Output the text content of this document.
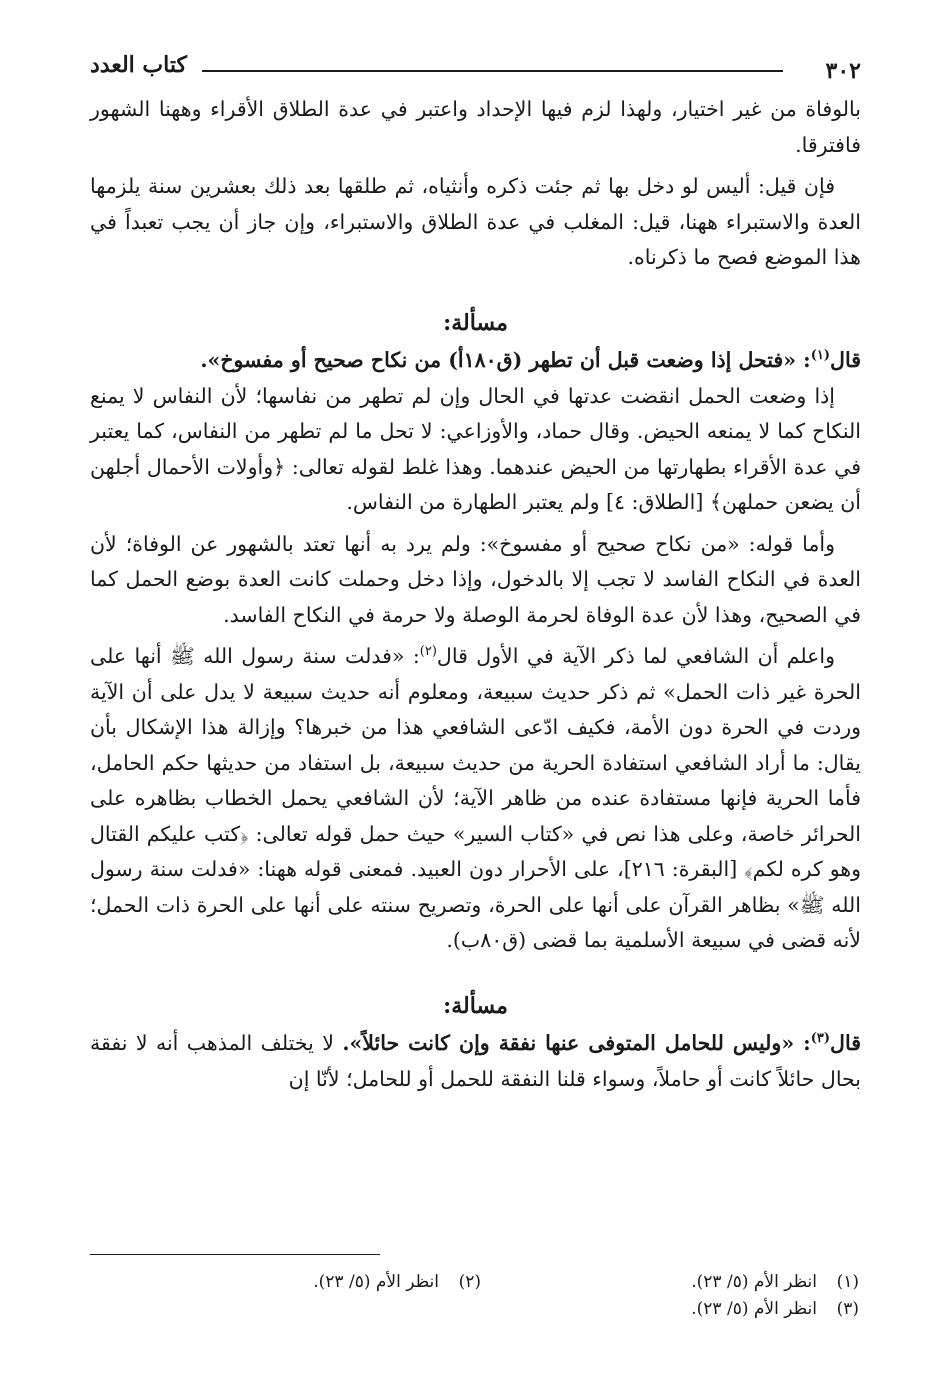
٣٠٢
كتاب العدد

بالوفاة من غير اختيار، ولهذا لزم فيها الإحداد واعتبر في عدة الطلاق الأقراء وههنا الشهور فافترقا.

فإن قيل: أليس لو دخل بها ثم جئت ذكره وأنثياه، ثم طلقها بعد ذلك بعشرين سنة يلزمها العدة والاستبراء ههنا، قيل: المغلب في عدة الطلاق والاستبراء، وإن جاز أن يجب تعبداً في هذا الموضع فصح ما ذكرناه.

مسألة:

قال$^{(١)}$: «فتحل إذا وضعت قبل أن تطهر (ق١٨٠أ) من نكاح صحيح أو مفسوخ».

إذا وضعت الحمل انقضت عدتها في الحال وإن لم تطهر من نفاسها؛ لأن النفاس لا يمنع النكاح كما لا يمنعه الحيض. وقال حماد، والأوزاعي: لا تحل ما لم تطهر من النفاس، كما يعتبر في عدة الأقراء بطهارتها من الحيض عندهما. وهذا غلط لقوله تعالى: ﴿وأولات الأحمال أجلهن أن يضعن حملهن﴾ [الطلاق: ٤] ولم يعتبر الطهارة من النفاس.

وأما قوله: «من نكاح صحيح أو مفسوخ»: ولم يرد به أنها تعتد بالشهور عن الوفاة؛ لأن العدة في النكاح الفاسد لا تجب إلا بالدخول، وإذا دخل وحملت كانت العدة بوضع الحمل كما في الصحيح، وهذا لأن عدة الوفاة لحرمة الوصلة ولا حرمة في النكاح الفاسد.

واعلم أن الشافعي لما ذكر الآية في الأول قال$^{(٢)}$: «فدلت سنة رسول الله ﷺ أنها على الحرة غير ذات الحمل» ثم ذكر حديث سبيعة، ومعلوم أنه حديث سبيعة لا يدل على أن الآية وردت في الحرة دون الأمة، فكيف ادّعى الشافعي هذا من خبرها؟ وإزالة هذا الإشكال بأن يقال: ما أراد الشافعي استفادة الحرية من حديث سبيعة، بل استفاد من حديثها حكم الحامل، فأما الحرية فإنها مستفادة عنده من ظاهر الآية؛ لأن الشافعي يحمل الخطاب بظاهره على الحرائر خاصة، وعلى هذا نص في «كتاب السير» حيث حمل قوله تعالى: ﴿كتب عليكم القتال وهو كره لكم﴾ [البقرة: ٢١٦]، على الأحرار دون العبيد. فمعنى قوله ههنا: «فدلت سنة رسول الله ﷺ» بظاهر القرآن على أنها على الحرة، وتصريح سنته على أنها على الحرة ذات الحمل؛ لأنه قضى في سبيعة الأسلمية بما قضى (ق٨٠ب).

مسألة:

قال$^{(٣)}$: «وليس للحامل المتوفى عنها نفقة وإن كانت حائلاً». لا يختلف المذهب أنه لا نفقة بحال حائلاً كانت أو حاملاً، وسواء قلنا النفقة للحمل أو للحامل؛ لأنّا إن

(١)انظر الأم (٥/ ٢٣).
(٢)انظر الأم (٥/ ٢٣).
(٣)انظر الأم (٥/ ٢٣).
